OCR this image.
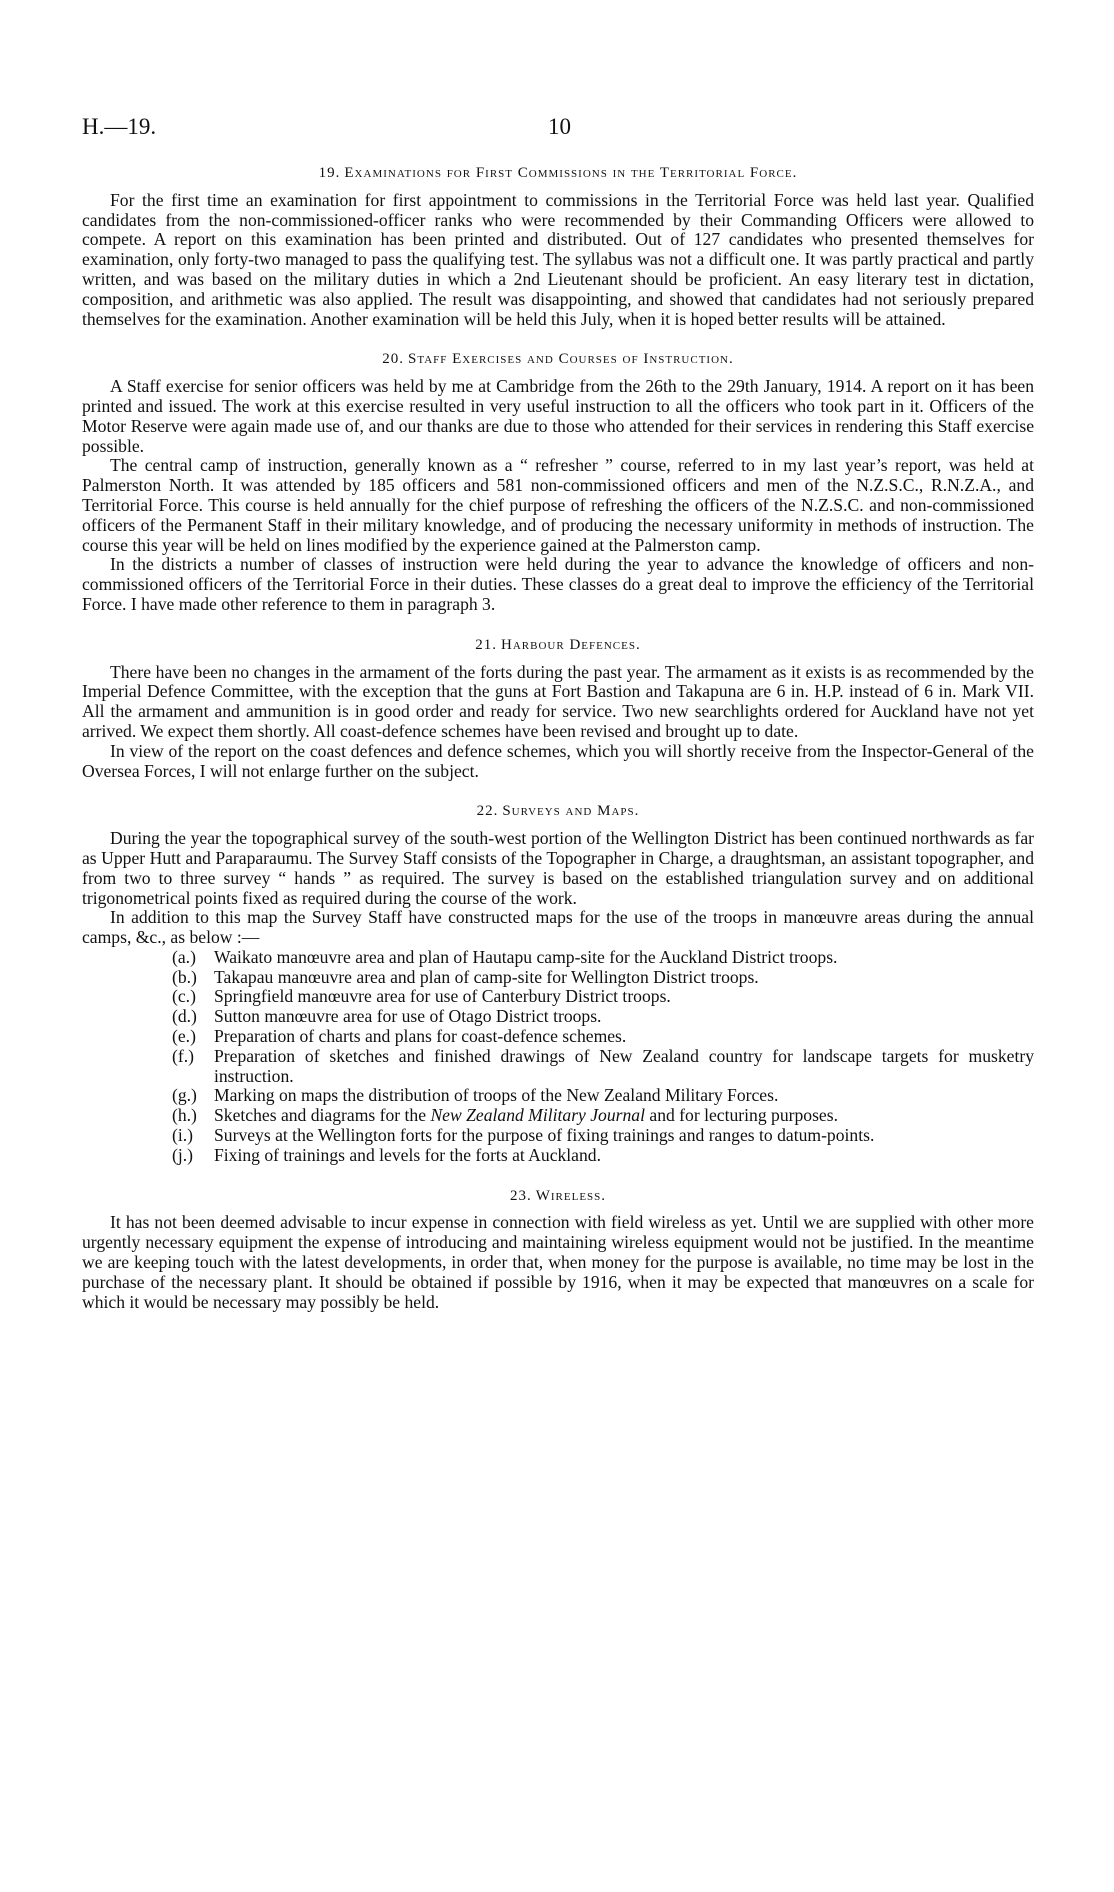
H.—19.	10
19. Examinations for First Commissions in the Territorial Force.

For the first time an examination for first appointment to commissions in the Territorial Force was held last year. Qualified candidates from the non-commissioned-officer ranks who were recommended by their Commanding Officers were allowed to compete. A report on this examination has been printed and distributed. Out of 127 candidates who presented themselves for examination, only forty-two managed to pass the qualifying test. The syllabus was not a difficult one. It was partly practical and partly written, and was based on the military duties in which a 2nd Lieutenant should be proficient. An easy literary test in dictation, composition, and arithmetic was also applied. The result was disappointing, and showed that candidates had not seriously prepared themselves for the examination. Another examination will be held this July, when it is hoped better results will be attained.

20. Staff Exercises and Courses of Instruction.

A Staff exercise for senior officers was held by me at Cambridge from the 26th to the 29th January, 1914. A report on it has been printed and issued. The work at this exercise resulted in very useful instruction to all the officers who took part in it. Officers of the Motor Reserve were again made use of, and our thanks are due to those who attended for their services in rendering this Staff exercise possible.

The central camp of instruction, generally known as a “ refresher ” course, referred to in my last year’s report, was held at Palmerston North. It was attended by 185 officers and 581 non-commissioned officers and men of the N.Z.S.C., R.N.Z.A., and Territorial Force. This course is held annually for the chief purpose of refreshing the officers of the N.Z.S.C. and non-commissioned officers of the Permanent Staff in their military knowledge, and of producing the necessary uniformity in methods of instruction. The course this year will be held on lines modified by the experience gained at the Palmerston camp.

In the districts a number of classes of instruction were held during the year to advance the knowledge of officers and non-commissioned officers of the Territorial Force in their duties. These classes do a great deal to improve the efficiency of the Territorial Force. I have made other reference to them in paragraph 3.

21. Harbour Defences.

There have been no changes in the armament of the forts during the past year. The armament as it exists is as recommended by the Imperial Defence Committee, with the exception that the guns at Fort Bastion and Takapuna are 6 in. H.P. instead of 6 in. Mark VII. All the armament and ammunition is in good order and ready for service. Two new searchlights ordered for Auckland have not yet arrived. We expect them shortly. All coast-defence schemes have been revised and brought up to date.

In view of the report on the coast defences and defence schemes, which you will shortly receive from the Inspector-General of the Oversea Forces, I will not enlarge further on the subject.

22. Surveys and Maps.

During the year the topographical survey of the south-west portion of the Wellington District has been continued northwards as far as Upper Hutt and Paraparaumu. The Survey Staff consists of the Topographer in Charge, a draughtsman, an assistant topographer, and from two to three survey “ hands ” as required. The survey is based on the established triangulation survey and on additional trigonometrical points fixed as required during the course of the work.

In addition to this map the Survey Staff have constructed maps for the use of the troops in manœuvre areas during the annual camps, &c., as below :—

(a.)	Waikato manœuvre area and plan of Hautapu camp-site for the Auckland District troops.
(b.) Takapau manœuvre area and plan of camp-site for Wellington District troops.
(c.)	Springfield manœuvre area for use of Canterbury District troops.
(d.) Sutton manœuvre area for use of Otago District troops.
(e.)	Preparation of charts and plans for coast-defence schemes.
(f.)	Preparation of sketches and finished drawings of New Zealand country for landscape targets for musketry instruction.
(g.) Marking on maps the distribution of troops of the New Zealand Military Forces.
(h.) Sketches and diagrams for the New Zealand Military Journal and for lecturing purposes.
(i.)	Surveys at the Wellington forts for the purpose of fixing trainings and ranges to datum-points.
(j.)	Fixing of trainings and levels for the forts at Auckland.
23. Wireless.

It has not been deemed advisable to incur expense in connection with field wireless as yet. Until we are supplied with other more urgently necessary equipment the expense of introducing and maintaining wireless equipment would not be justified. In the meantime we are keeping touch with the latest developments, in order that, when money for the purpose is available, no time may be lost in the purchase of the necessary plant. It should be obtained if possible by 1916, when it may be expected that manœuvres on a scale for which it would be necessary may possibly be held.
